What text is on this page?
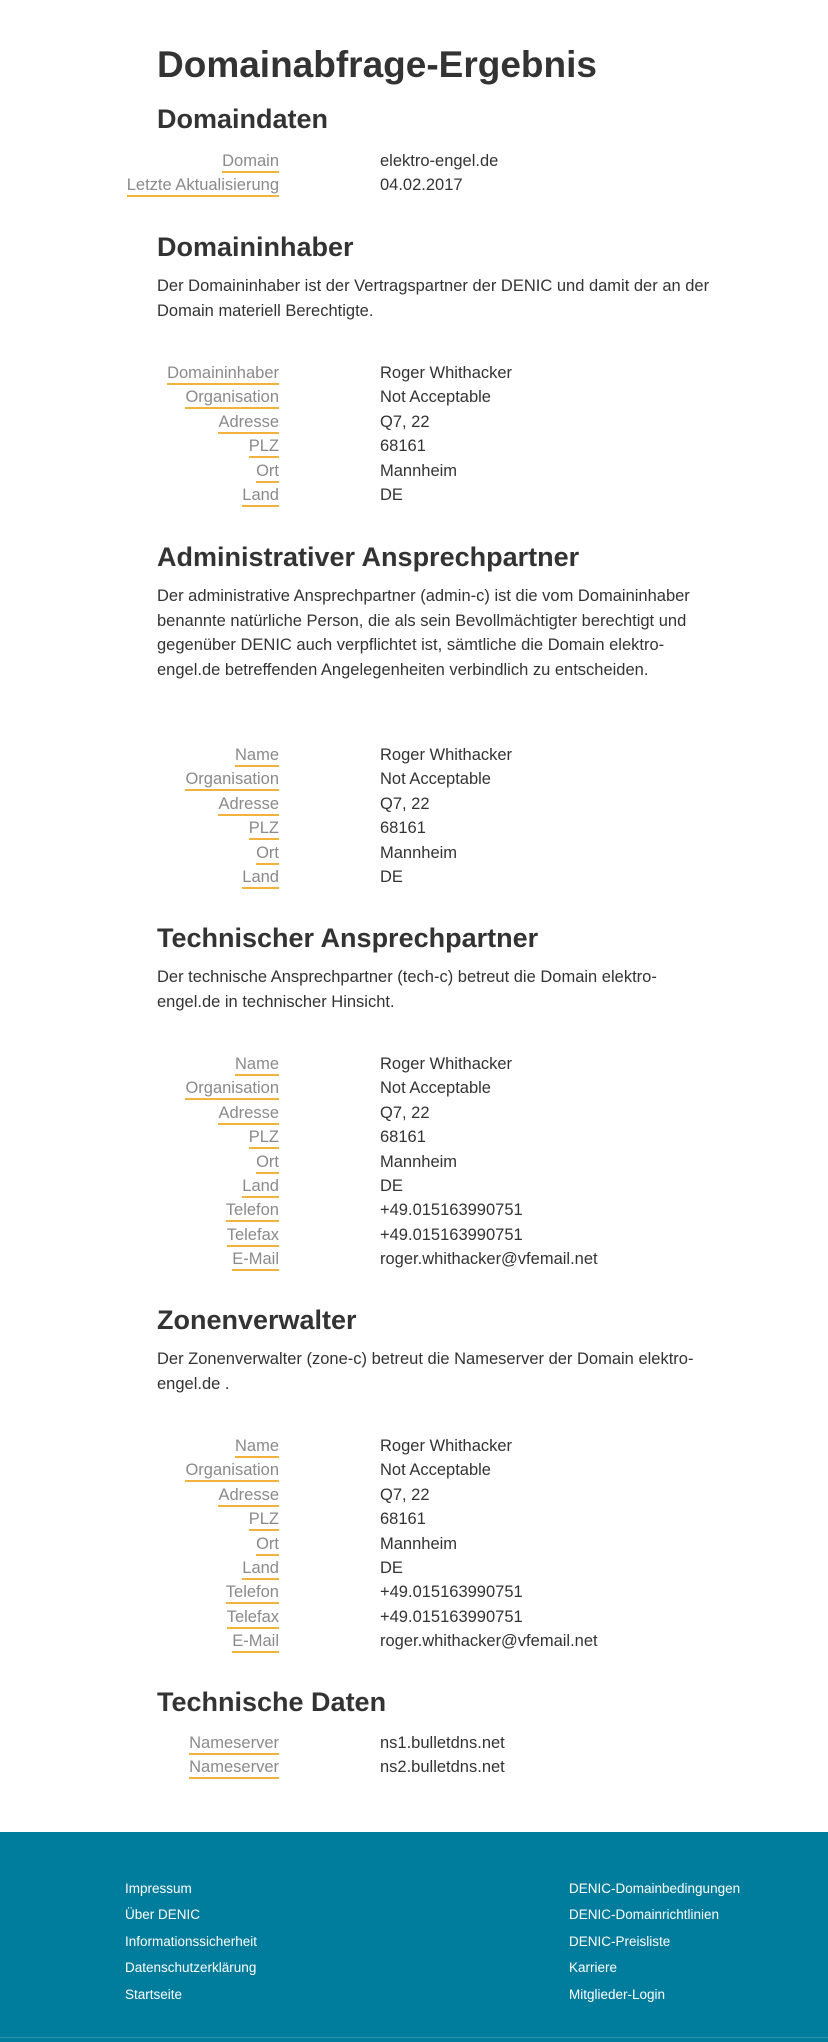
Domainabfrage-Ergebnis
Domaindaten
Domain	elektro-engel.de
Letzte Aktualisierung	04.02.2017
Domaininhaber

Der Domaininhaber ist der Vertragspartner der DENIC und damit der an der Domain materiell Berechtigte.

Domaininhaber	Roger Whithacker
Organisation	Not Acceptable
Adresse	Q7, 22
PLZ	68161
Ort	Mannheim
Land	DE
Administrativer Ansprechpartner

Der administrative Ansprechpartner (admin-c) ist die vom Domaininhaber benannte natürliche Person, die als sein Bevollmächtigter berechtigt und gegenüber DENIC auch verpflichtet ist, sämtliche die Domain elektro-engel.de betreffenden Angelegenheiten verbindlich zu entscheiden.

Name	Roger Whithacker
Organisation	Not Acceptable
Adresse	Q7, 22
PLZ	68161
Ort	Mannheim
Land	DE
Technischer Ansprechpartner

Der technische Ansprechpartner (tech-c) betreut die Domain elektro-engel.de in technischer Hinsicht.

Name	Roger Whithacker
Organisation	Not Acceptable
Adresse	Q7, 22
PLZ	68161
Ort	Mannheim
Land	DE
Telefon	+49.015163990751
Telefax	+49.015163990751
E-Mail	roger.whithacker@vfemail.net
Zonenverwalter

Der Zonenverwalter (zone-c) betreut die Nameserver der Domain elektro-engel.de .

Name	Roger Whithacker
Organisation	Not Acceptable
Adresse	Q7, 22
PLZ	68161
Ort	Mannheim
Land	DE
Telefon	+49.015163990751
Telefax	+49.015163990751
E-Mail	roger.whithacker@vfemail.net
Technische Daten
Nameserver	ns1.bulletdns.net
Nameserver	ns2.bulletdns.net
Impressum
Über DENIC
Informationssicherheit
Datenschutzerklärung
Startseite
DENIC-Domainbedingungen
DENIC-Domainrichtlinien
DENIC-Preisliste
Karriere
Mitglieder-Login
